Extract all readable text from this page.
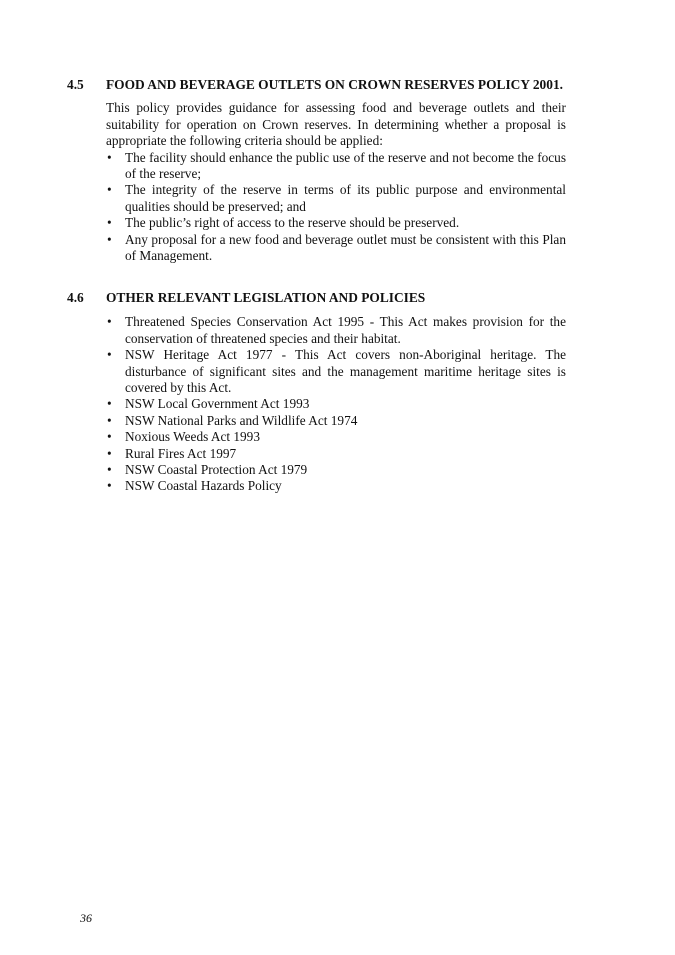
4.5 FOOD AND BEVERAGE OUTLETS ON CROWN RESERVES POLICY 2001.
This policy provides guidance for assessing food and beverage outlets and their suitability for operation on Crown reserves. In determining whether a proposal is appropriate the following criteria should be applied:
•	The facility should enhance the public use of the reserve and not become the focus of the reserve;
•	The integrity of the reserve in terms of its public purpose and environmental qualities should be preserved; and
•	The public’s right of access to the reserve should be preserved.
•	Any proposal for a new food and beverage outlet must be consistent with this Plan of Management.
4.6 OTHER RELEVANT LEGISLATION AND POLICIES
•	Threatened Species Conservation Act 1995 - This Act makes provision for the conservation of threatened species and their habitat.
•	NSW Heritage Act 1977 - This Act covers non-Aboriginal heritage. The disturbance of significant sites and the management maritime heritage sites is covered by this Act.
•	NSW Local Government Act 1993
•	NSW National Parks and Wildlife Act 1974
•	Noxious Weeds Act 1993
•	Rural Fires Act 1997
•	NSW Coastal Protection Act 1979
•	NSW Coastal Hazards Policy
36
